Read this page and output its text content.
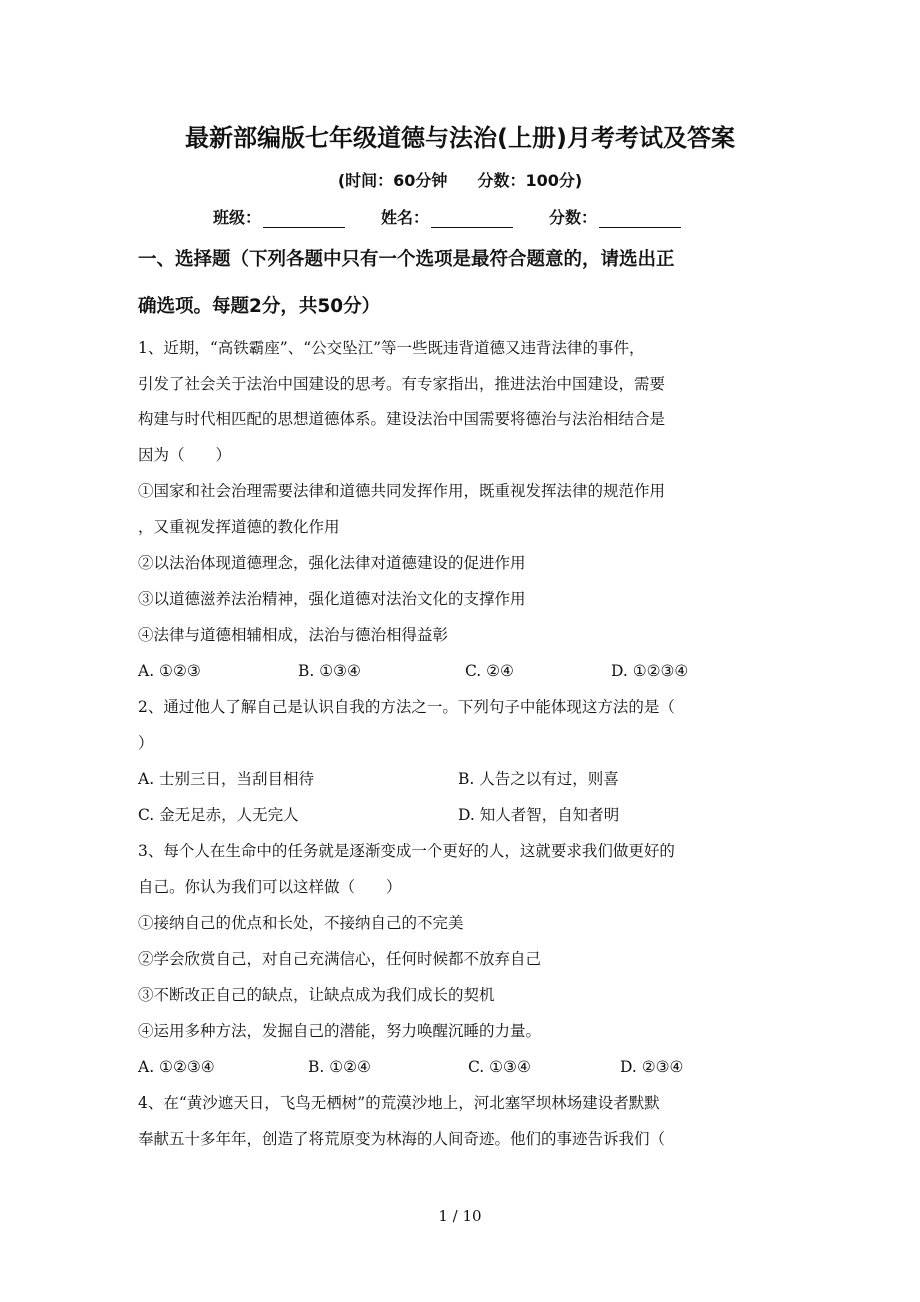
最新部编版七年级道德与法治(上册)月考考试及答案
(时间：60分钟 分数：100分)
班级：	姓名：	分数：
一、选择题（下列各题中只有一个选项是最符合题意的，请选出正
确选项。每题2分，共50分）
1、近期，“高铁霸座”、“公交坠江”等一些既违背道德又违背法律的事件，
引发了社会关于法治中国建设的思考。有专家指出，推进法治中国建设，需要
构建与时代相匹配的思想道德体系。建设法治中国需要将德治与法治相结合是
因为（　　）
①国家和社会治理需要法律和道德共同发挥作用，既重视发挥法律的规范作用
，又重视发挥道德的教化作用
②以法治体现道德理念，强化法律对道德建设的促进作用
③以道德滋养法治精神，强化道德对法治文化的支撑作用
④法律与道德相辅相成，法治与德治相得益彰
A. ①②③	B. ①③④	C. ②④	D. ①②③④
2、通过他人了解自己是认识自我的方法之一。下列句子中能体现这方法的是（
）
A. 士别三日，当刮目相待	B. 人告之以有过，则喜
C. 金无足赤，人无完人	D. 知人者智，自知者明
3、每个人在生命中的任务就是逐渐变成一个更好的人，这就要求我们做更好的
自己。你认为我们可以这样做（　　）
①接纳自己的优点和长处，不接纳自己的不完美
②学会欣赏自己，对自己充满信心，任何时候都不放弃自己
③不断改正自己的缺点，让缺点成为我们成长的契机
④运用多种方法，发掘自己的潜能，努力唤醒沉睡的力量。
A. ①②③④	B. ①②④	C. ①③④	D. ②③④
4、在“黄沙遮天日，飞鸟无栖树”的荒漠沙地上，河北塞罕坝林场建设者默默
奉献五十多年年，创造了将荒原变为林海的人间奇迹。他们的事迹告诉我们（
1 / 10
